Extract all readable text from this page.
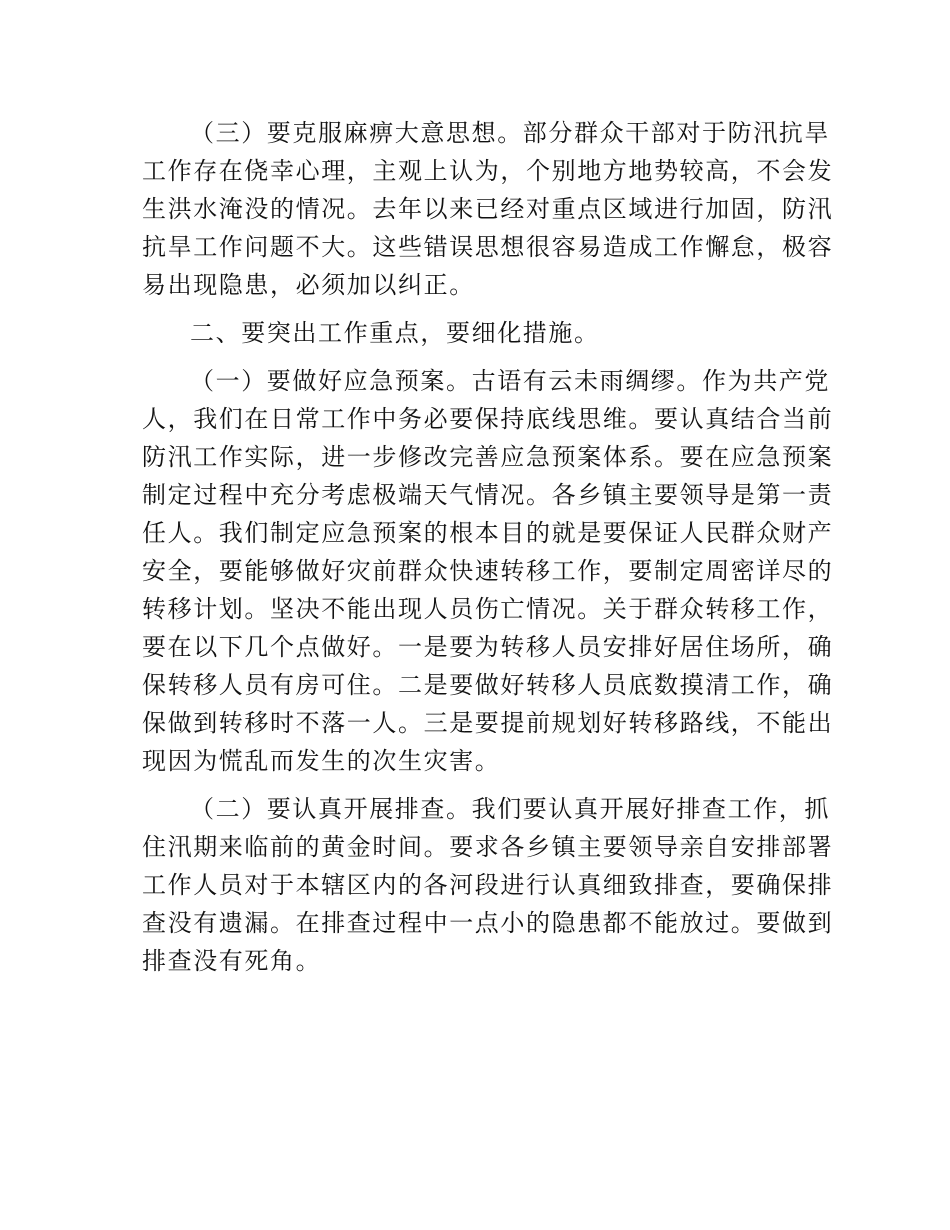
（三）要克服麻痹大意思想。部分群众干部对于防汛抗旱
工作存在侥幸心理，主观上认为，个别地方地势较高，不会发
生洪水淹没的情况。去年以来已经对重点区域进行加固，防汛
抗旱工作问题不大。这些错误思想很容易造成工作懈怠，极容
易出现隐患，必须加以纠正。

二、要突出工作重点，要细化措施。

（一）要做好应急预案。古语有云未雨绸缪。作为共产党
人，我们在日常工作中务必要保持底线思维。要认真结合当前
防汛工作实际，进一步修改完善应急预案体系。要在应急预案
制定过程中充分考虑极端天气情况。各乡镇主要领导是第一责
任人。我们制定应急预案的根本目的就是要保证人民群众财产
安全，要能够做好灾前群众快速转移工作，要制定周密详尽的
转移计划。坚决不能出现人员伤亡情况。关于群众转移工作，
要在以下几个点做好。一是要为转移人员安排好居住场所，确
保转移人员有房可住。二是要做好转移人员底数摸清工作，确
保做到转移时不落一人。三是要提前规划好转移路线，不能出
现因为慌乱而发生的次生灾害。

（二）要认真开展排查。我们要认真开展好排查工作，抓
住汛期来临前的黄金时间。要求各乡镇主要领导亲自安排部署
工作人员对于本辖区内的各河段进行认真细致排查，要确保排
查没有遗漏。在排查过程中一点小的隐患都不能放过。要做到
排查没有死角。
